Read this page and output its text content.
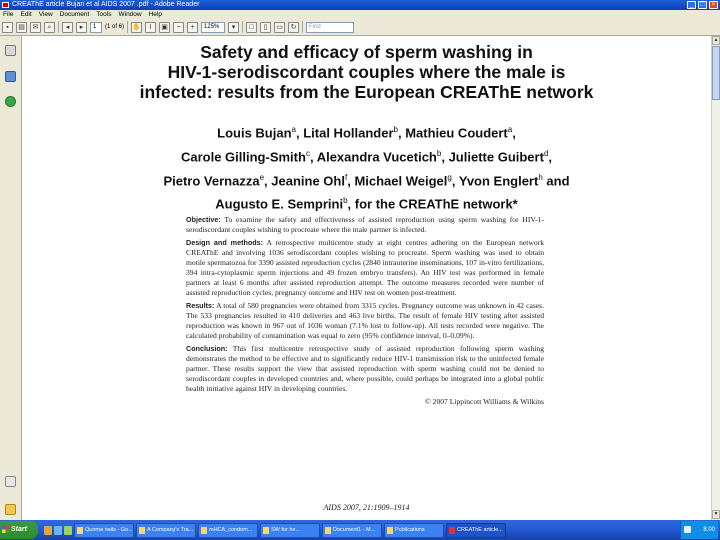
CREAThE article Bujan et al AIDS 2007 .pdf - Adobe Reader	_	□	×
File Edit View Document Tools Window Help
▪	▤	✉	⌕	◂	▸	1	(1 of 6) ✋	I	▣	−	+	125%	▾	□	▯	▭	↻	Find
Safety and efficacy of sperm washing in
HIV-1-serodiscordant couples where the male is
infected: results from the European CREAThE network
Louis Bujan$^a$, Lital Hollander$^b$, Mathieu Coudert$^a$,
Carole Gilling-Smith$^c$, Alexandra Vucetich$^b$, Juliette Guibert$^d$,
Pietro Vernazza$^e$, Jeanine Ohl$^f$, Michael Weigel$^g$, Yvon Englert$^h$ and
Augusto E. Semprini$^b$, for the CREAThE network*

Objective: To examine the safety and effectiveness of assisted reproduction using sperm washing for HIV-1-serodiscordant couples wishing to procreate where the male partner is infected.

Design and methods: A retrospective multicentre study at eight centres adhering on the European network CREAThE and involving 1036 serodiscordant couples wishing to procreate. Sperm washing was used to obtain motile spermatozoa for 3390 assisted reproduction cycles (2840 intrauterine inseminations, 107 in-vitro fertilizations, 394 intra-cytoplasmic sperm injections and 49 frozen embryo transfers). An HIV test was performed in female partners at least 6 months after assisted reproduction attempt. The outcome measures recorded were number of assisted reproduction cycles, pregnancy outcome and HIV test on women post-treatment.

Results: A total of 580 pregnancies were obtained from 3315 cycles. Pregnancy outcome was unknown in 42 cases. The 533 pregnancies resulted in 410 deliveries and 463 live births. The result of female HIV testing after assisted reproduction was known in 967 out of 1036 woman (7.1% lost to follow-up). All tests recorded were negative. The calculated probability of contamination was equal to zero (95% confidence interval, 0–0.09%).

Conclusion: This first multicentre retrospective study of assisted reproduction following sperm washing demonstrates the method to be effective and to significantly reduce HIV-1 transmission risk to the uninfected female partner. These results support the view that assisted reproduction with sperm washing could not be denied to serodiscordant couples in developed countries and, where possible, could perhaps be integrated into a global public health initiative against HIV in developing countries.

© 2007 Lippincott Williams & Wilkins
AIDS 2007, 21:1909–1914
▲
▼
Start	Quoma nails - Go...	A Company's Tra...	mHCA_condom...	SW for he...	Document1 - M...	Publications	CREAThE article...	8:00
